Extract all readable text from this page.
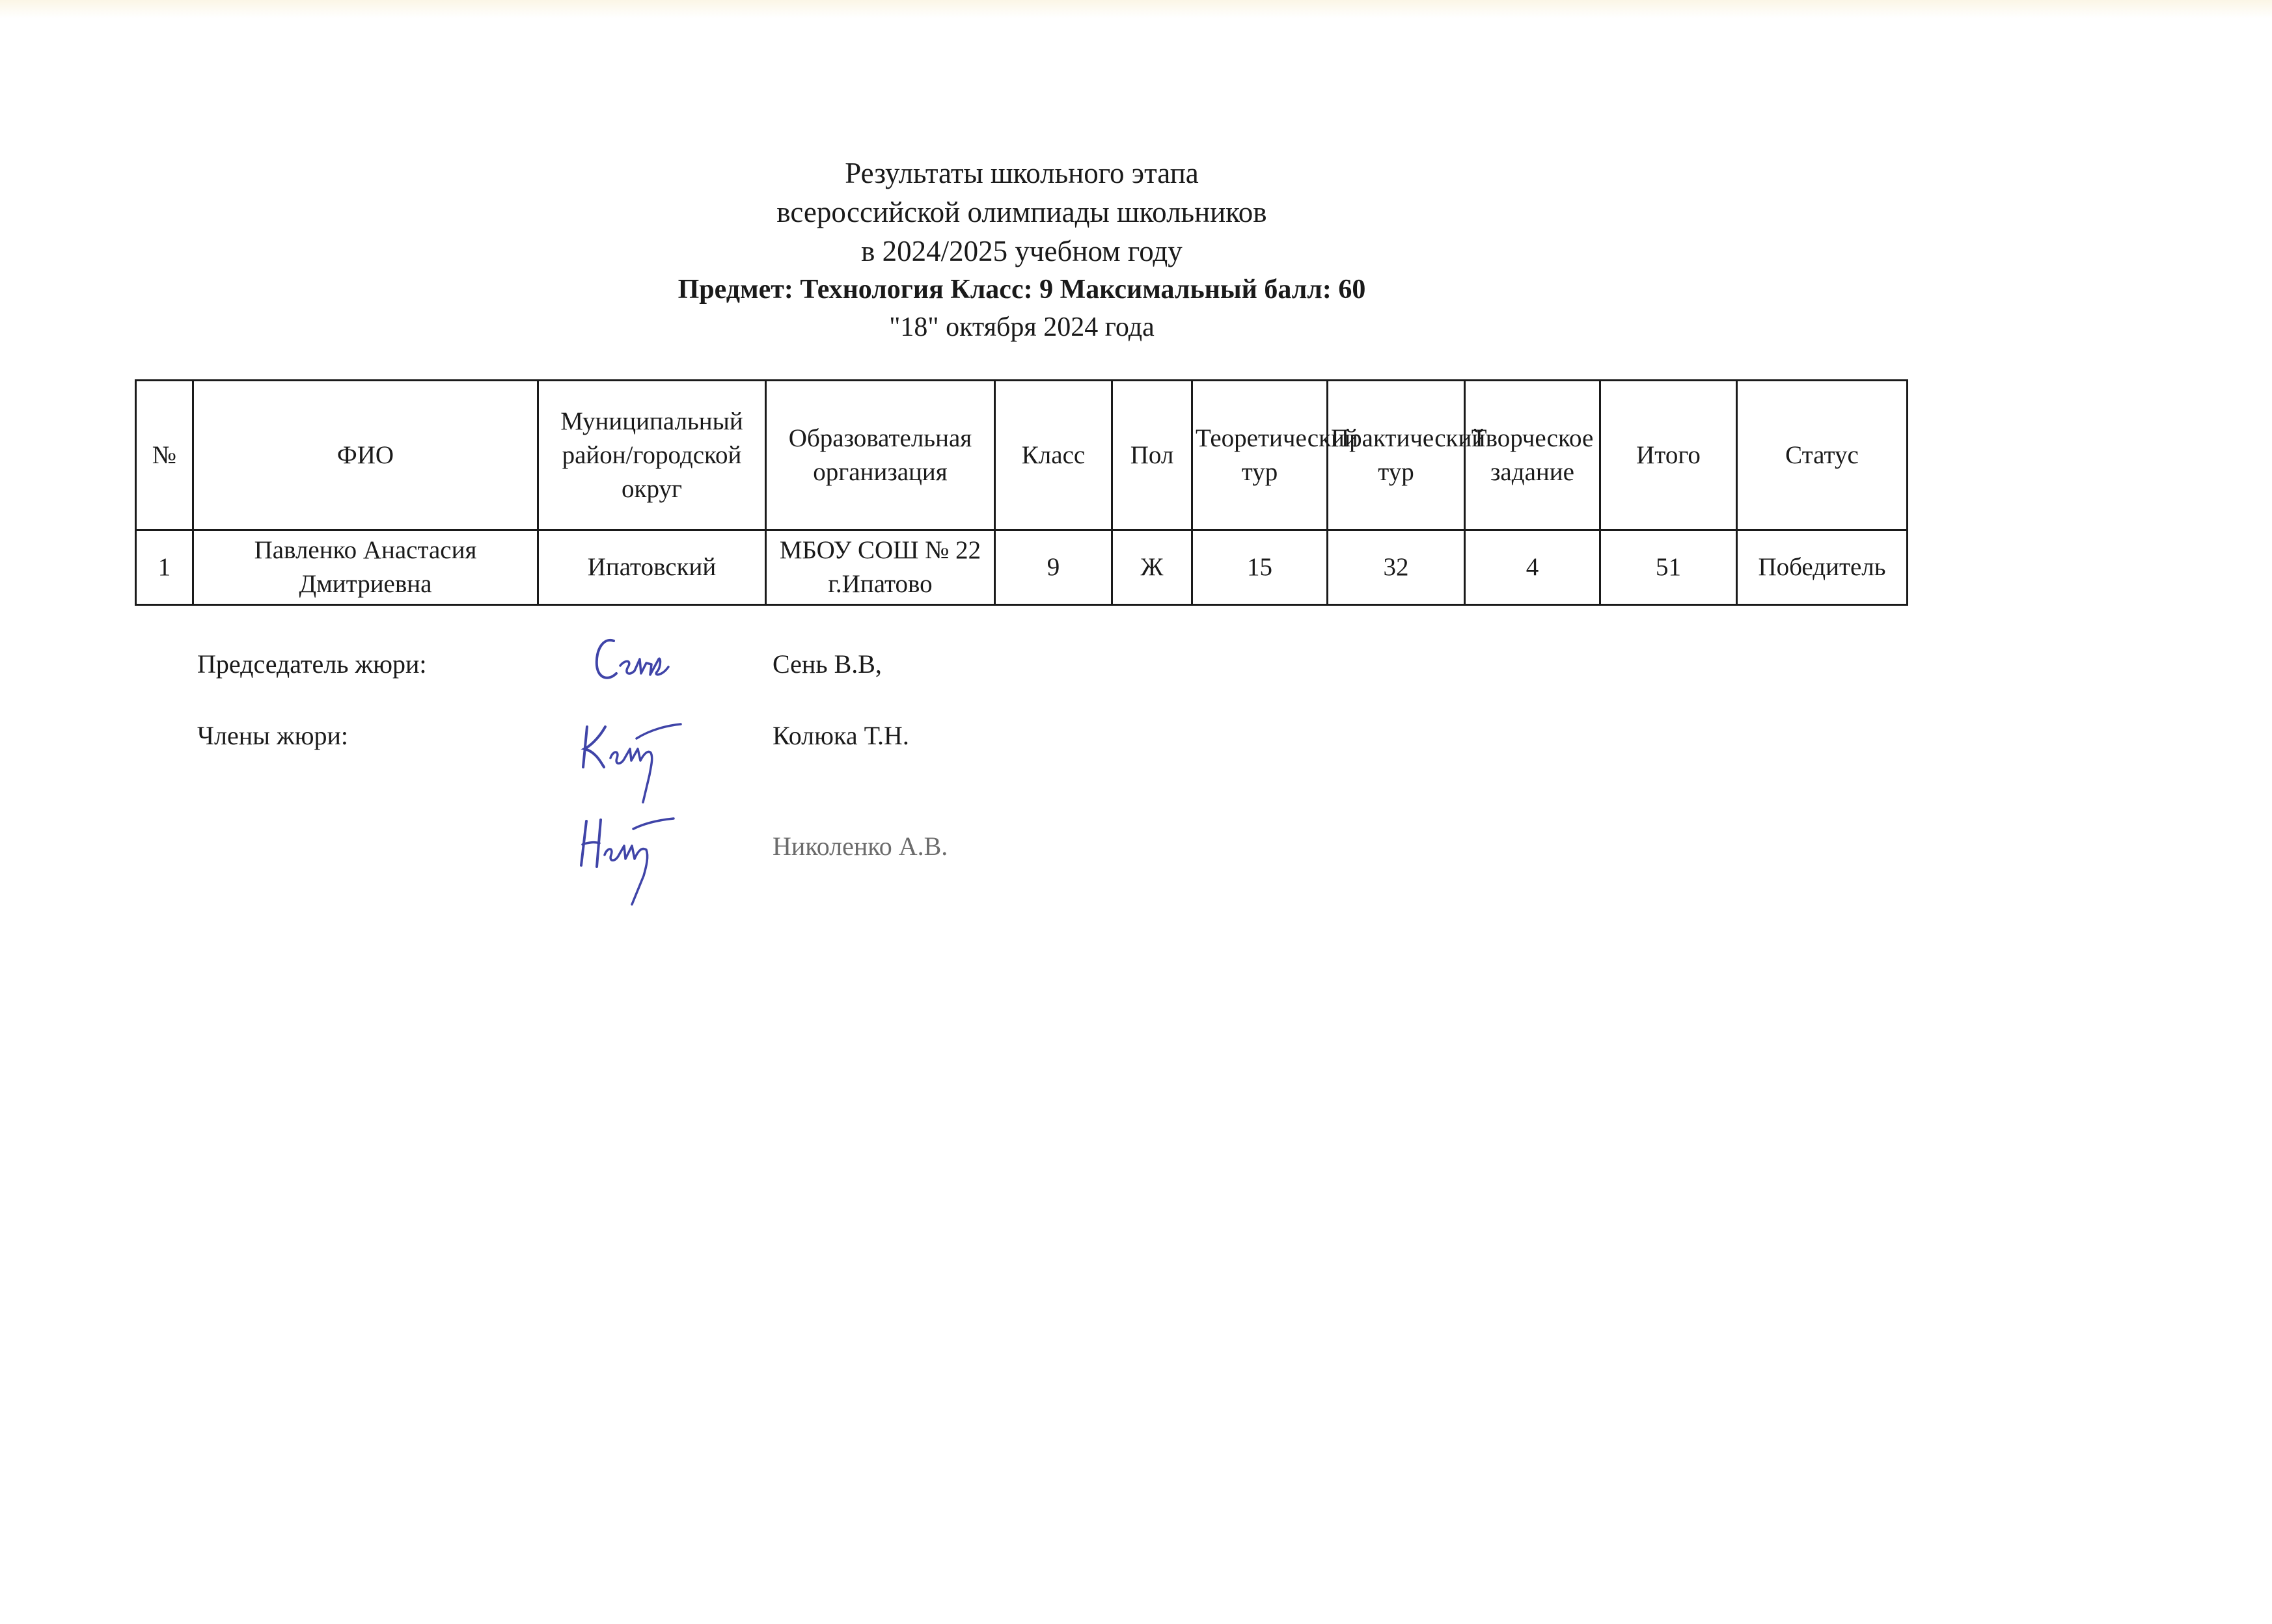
Результаты школьного этапа
всероссийской олимпиады школьников
в 2024/2025 учебном году
Предмет: Технология Класс: 9 Максимальный балл: 60
"18" октября 2024 года
№	ФИО	Муниципальный район/городской округ	Образовательная организация	Класс	Пол	Теоретический тур	Практический тур	Творческое задание	Итого	Статус
1	Павленко Анастасия Дмитриевна	Ипатовский	МБОУ СОШ № 22 г.Ипатово	9	Ж	15	32	4	51	Победитель
Председатель жюри:	Сень В.В,
Члены жюри:	Колюка Т.Н.
Николенко А.В.
